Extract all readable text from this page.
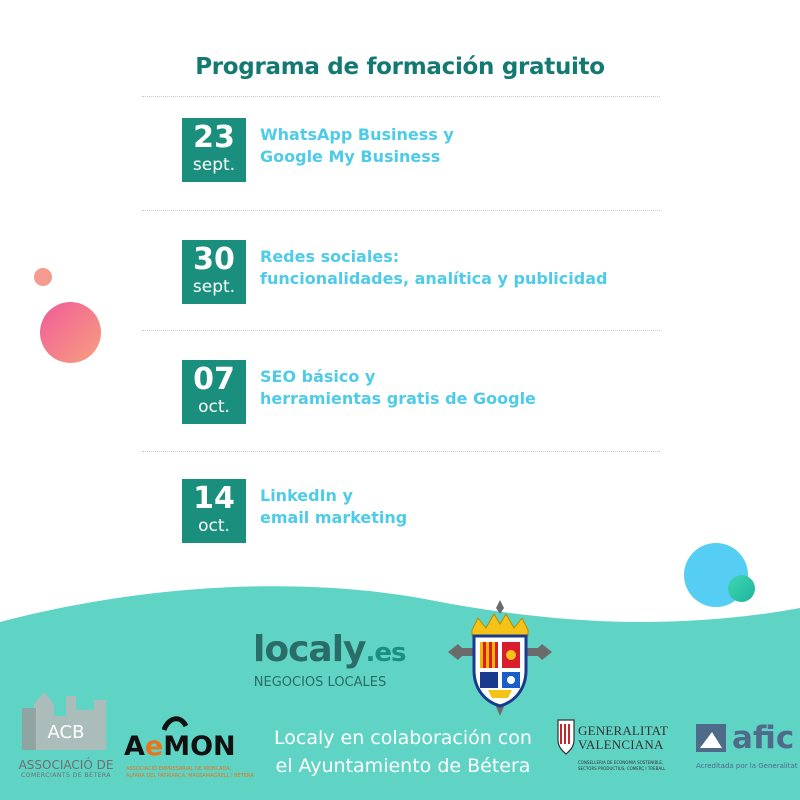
Programa de formación gratuito
23
sept.
WhatsApp Business y
Google My Business
30
sept.
Redes sociales:
funcionalidades, analítica y publicidad
07
oct.
SEO básico y
herramientas gratis de Google
14
oct.
LinkedIn y
email marketing
localy.es
NEGOCIOS LOCALES
ACB
ASSOCIACIÓ DE
COMERCIANTS DE BÈTERA
AeMON
ASSOCIACIÓ EMPRESARIAL DE MONCADA,
ALFARA DEL PATRIARCA, MASSAMAGRELL I BÈTERA
Localy en colaboración con
el Ayuntamiento de Bétera
GENERALITAT
VALENCIANA
CONSELLERIA DE ECONOMIA SOSTENIBLE,
SECTORS PRODUCTIUS, COMERÇ I TREBALL
afic
Acreditada por la Generalitat
